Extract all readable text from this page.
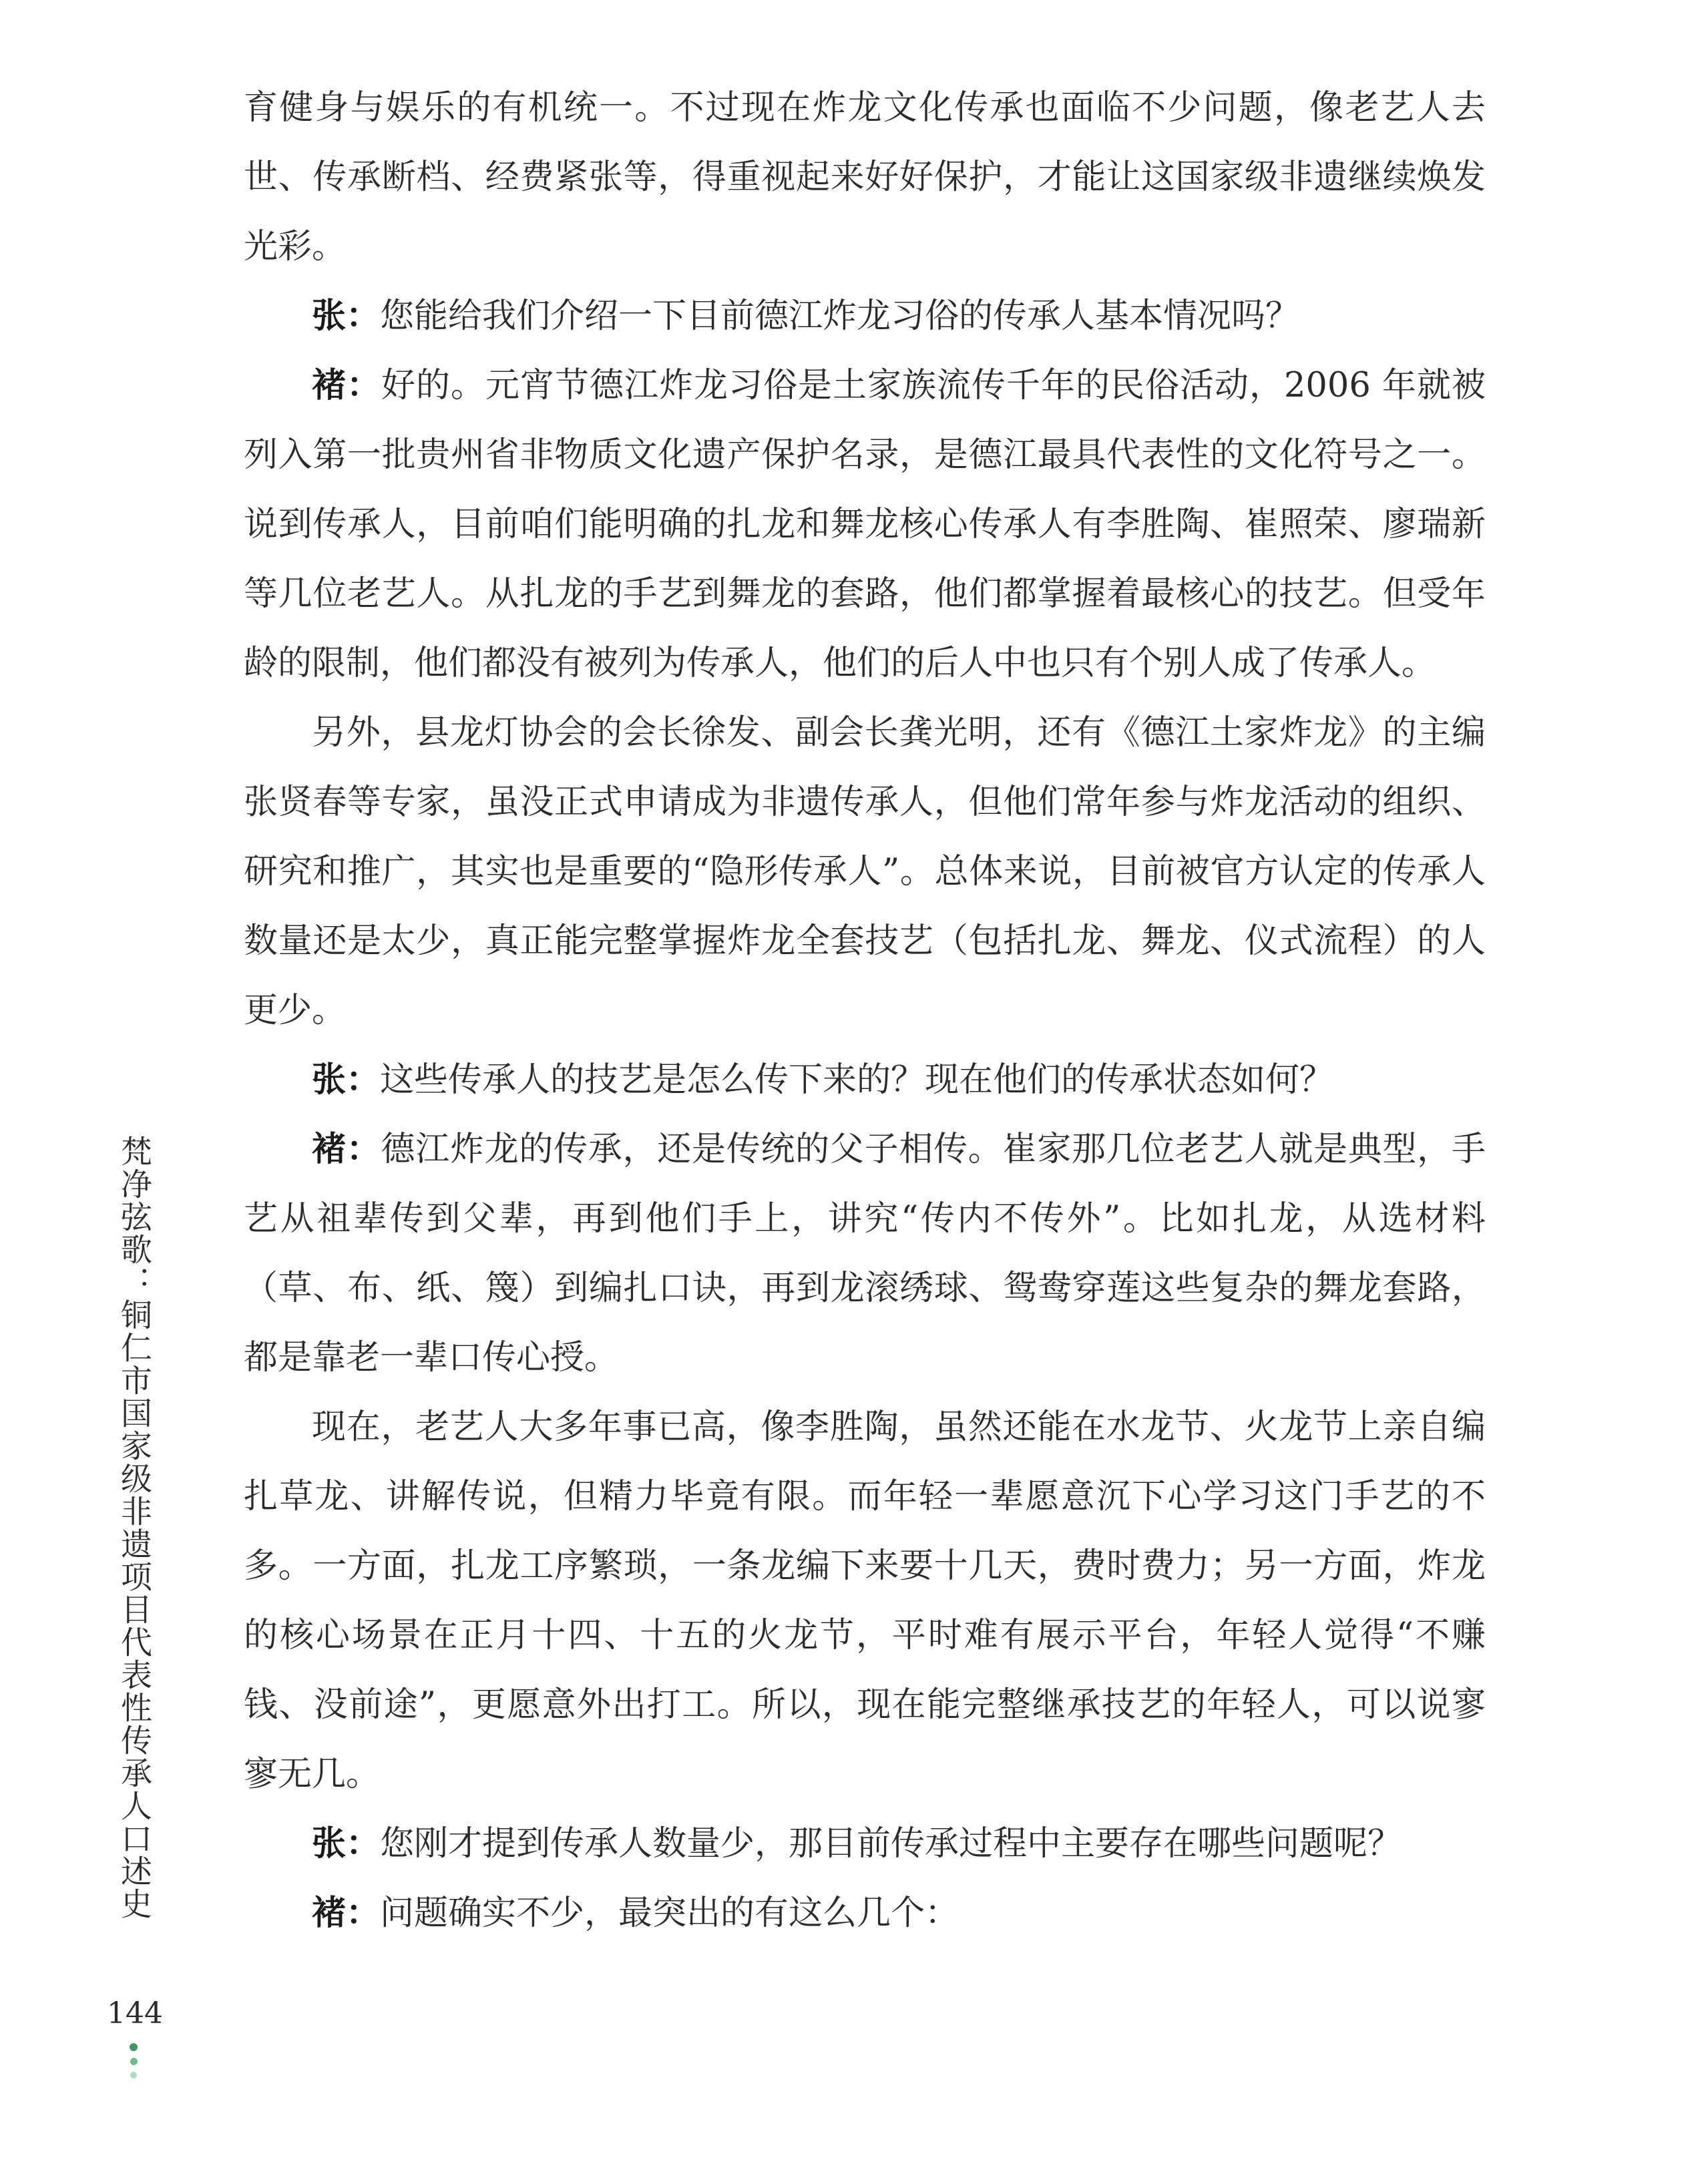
育健身与娱乐的有机统一。不过现在炸龙文化传承也面临不少问题，像老艺人去世、传承断档、经费紧张等，得重视起来好好保护，才能让这国家级非遗继续焕发光彩。

张：您能给我们介绍一下目前德江炸龙习俗的传承人基本情况吗？

褚：好的。元宵节德江炸龙习俗是土家族流传千年的民俗活动，2006 年就被列入第一批贵州省非物质文化遗产保护名录，是德江最具代表性的文化符号之一。说到传承人，目前咱们能明确的扎龙和舞龙核心传承人有李胜陶、崔照荣、廖瑞新等几位老艺人。从扎龙的手艺到舞龙的套路，他们都掌握着最核心的技艺。但受年龄的限制，他们都没有被列为传承人，他们的后人中也只有个别人成了传承人。

另外，县龙灯协会的会长徐发、副会长龚光明，还有《德江土家炸龙》的主编张贤春等专家，虽没正式申请成为非遗传承人，但他们常年参与炸龙活动的组织、研究和推广，其实也是重要的“隐形传承人”。总体来说，目前被官方认定的传承人数量还是太少，真正能完整掌握炸龙全套技艺（包括扎龙、舞龙、仪式流程）的人更少。

张：这些传承人的技艺是怎么传下来的？现在他们的传承状态如何？

褚：德江炸龙的传承，还是传统的父子相传。崔家那几位老艺人就是典型，手艺从祖辈传到父辈，再到他们手上，讲究“传内不传外”。比如扎龙，从选材料（草、布、纸、篾）到编扎口诀，再到龙滚绣球、鸳鸯穿莲这些复杂的舞龙套路，都是靠老一辈口传心授。

现在，老艺人大多年事已高，像李胜陶，虽然还能在水龙节、火龙节上亲自编扎草龙、讲解传说，但精力毕竟有限。而年轻一辈愿意沉下心学习这门手艺的不多。一方面，扎龙工序繁琐，一条龙编下来要十几天，费时费力；另一方面，炸龙的核心场景在正月十四、十五的火龙节，平时难有展示平台，年轻人觉得“不赚钱、没前途”，更愿意外出打工。所以，现在能完整继承技艺的年轻人，可以说寥寥无几。

张：您刚才提到传承人数量少，那目前传承过程中主要存在哪些问题呢？

褚：问题确实不少，最突出的有这么几个：

梵净弦歌：铜仁市国家级非遗项目代表性传承人口述史
144
